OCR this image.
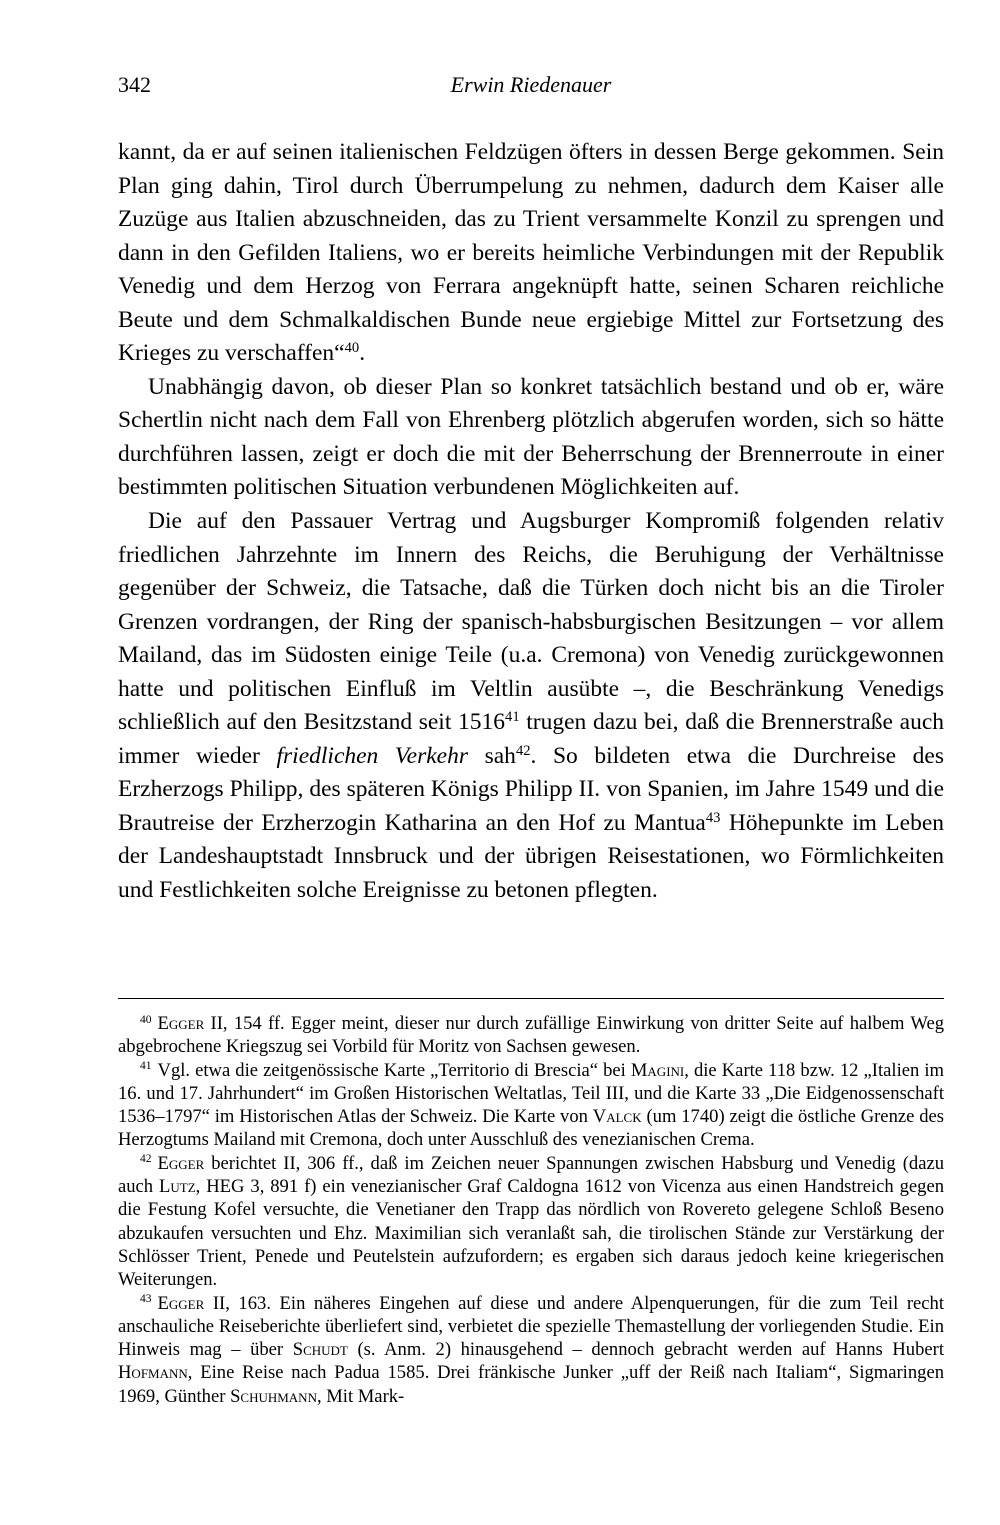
342	Erwin Riedenauer

kannt, da er auf seinen italienischen Feldzügen öfters in dessen Berge gekommen. Sein Plan ging dahin, Tirol durch Überrumpelung zu nehmen, dadurch dem Kaiser alle Zuzüge aus Italien abzuschneiden, das zu Trient versammelte Konzil zu sprengen und dann in den Gefilden Italiens, wo er bereits heimliche Verbindungen mit der Republik Venedig und dem Herzog von Ferrara angeknüpft hatte, seinen Scharen reichliche Beute und dem Schmalkaldischen Bunde neue ergiebige Mittel zur Fortsetzung des Krieges zu verschaffen“$^{40}$.

Unabhängig davon, ob dieser Plan so konkret tatsächlich bestand und ob er, wäre Schertlin nicht nach dem Fall von Ehrenberg plötzlich abgerufen worden, sich so hätte durchführen lassen, zeigt er doch die mit der Beherrschung der Brennerroute in einer bestimmten politischen Situation verbundenen Möglichkeiten auf.

Die auf den Passauer Vertrag und Augsburger Kompromiß folgenden relativ friedlichen Jahrzehnte im Innern des Reichs, die Beruhigung der Verhältnisse gegenüber der Schweiz, die Tatsache, daß die Türken doch nicht bis an die Tiroler Grenzen vordrangen, der Ring der spanisch-habsburgischen Besitzungen – vor allem Mailand, das im Südosten einige Teile (u.a. Cremona) von Venedig zurückgewonnen hatte und politischen Einfluß im Veltlin ausübte –, die Beschränkung Venedigs schließlich auf den Besitzstand seit 1516$^{41}$ trugen dazu bei, daß die Brennerstraße auch immer wieder friedlichen Verkehr sah$^{42}$. So bildeten etwa die Durchreise des Erzherzogs Philipp, des späteren Königs Philipp II. von Spanien, im Jahre 1549 und die Brautreise der Erzherzogin Katharina an den Hof zu Mantua$^{43}$ Höhepunkte im Leben der Landeshauptstadt Innsbruck und der übrigen Reisestationen, wo Förmlichkeiten und Festlichkeiten solche Ereignisse zu betonen pflegten.

$^{40}$ Egger II, 154 ff. Egger meint, dieser nur durch zufällige Einwirkung von dritter Seite auf halbem Weg abgebrochene Kriegszug sei Vorbild für Moritz von Sachsen gewesen.

$^{41}$ Vgl. etwa die zeitgenössische Karte „Territorio di Brescia“ bei Magini, die Karte 118 bzw. 12 „Italien im 16. und 17. Jahrhundert“ im Großen Historischen Weltatlas, Teil III, und die Karte 33 „Die Eidgenossenschaft 1536–1797“ im Historischen Atlas der Schweiz. Die Karte von Valck (um 1740) zeigt die östliche Grenze des Herzogtums Mailand mit Cremona, doch unter Ausschluß des venezianischen Crema.

$^{42}$ Egger berichtet II, 306 ff., daß im Zeichen neuer Spannungen zwischen Habsburg und Venedig (dazu auch Lutz, HEG 3, 891 f) ein venezianischer Graf Caldogna 1612 von Vicenza aus einen Handstreich gegen die Festung Kofel versuchte, die Venetianer den Trapp das nördlich von Rovereto gelegene Schloß Beseno abzukaufen versuchten und Ehz. Maximilian sich veranlaßt sah, die tirolischen Stände zur Verstärkung der Schlösser Trient, Penede und Peutelstein aufzufordern; es ergaben sich daraus jedoch keine kriegerischen Weiterungen.

$^{43}$ Egger II, 163. Ein näheres Eingehen auf diese und andere Alpenquerungen, für die zum Teil recht anschauliche Reiseberichte überliefert sind, verbietet die spezielle Themastellung der vorliegenden Studie. Ein Hinweis mag – über Schudt (s. Anm. 2) hinausgehend – dennoch gebracht werden auf Hanns Hubert Hofmann, Eine Reise nach Padua 1585. Drei fränkische Junker „uff der Reiß nach Italiam“, Sigmaringen 1969, Günther Schuhmann, Mit Mark-
